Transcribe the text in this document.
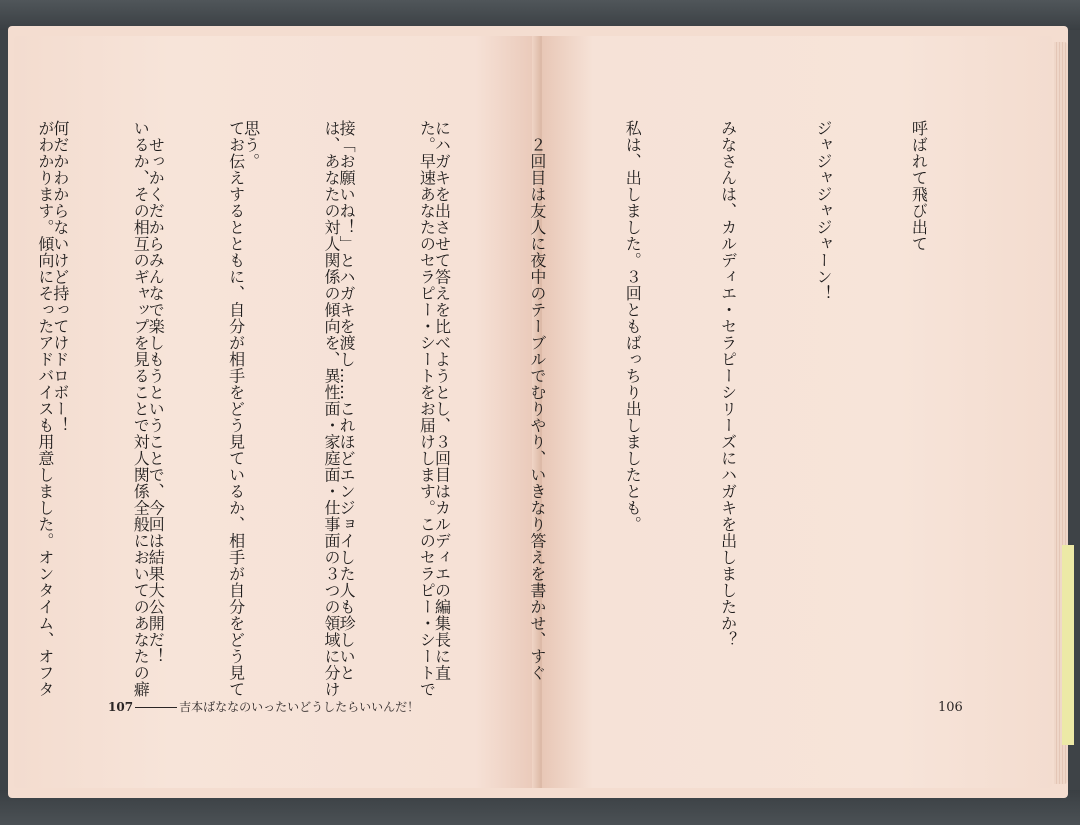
呼ばれて飛び出て

ジャジャジャジャーン！

みなさんは、カルディエ・セラピーシリーズにハガキを出しましたか？

私は、出しました。３回ともばっちり出しましたとも。

　２回目は友人に夜中のテーブルでむりやり、いきなり答えを書かせ、すぐ

にハガキを出させて答えを比べようとし、３回目はカルディエの編集長に直

接「お願いね！」とハガキを渡し……これほどエンジョイした人も珍しいと

思う。

　せっかくだからみんなで楽しもうということで、今回は結果大公開だ！

何だかわからないけど持ってけドロボー！

	た。早速あなたのセラピー・シートをお届けします。このセラピー・シートで

は、あなたの対人関係の傾向を、異性面・家庭面・仕事面の３つの領域に分け

てお伝えするとともに、自分が相手をどう見ているか、相手が自分をどう見て

いるか、その相互のギャップを見ることで対人関係全般においてのあなたの癖

がわかります。傾向にそったアドバイスも用意しました。オンタイム、オフタ

107	吉本ばななのいったいどうしたらいいんだ！	106
